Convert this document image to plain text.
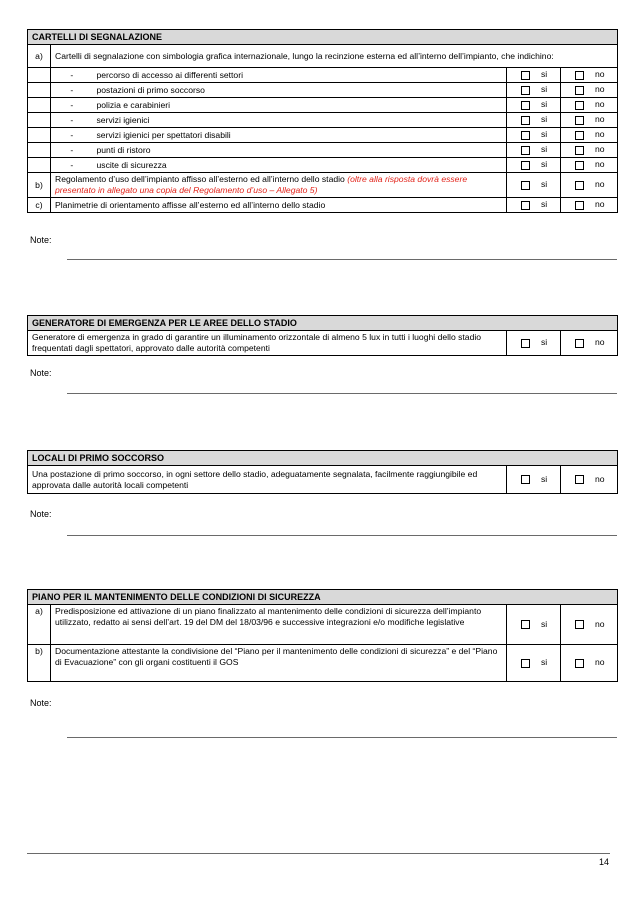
CARTELLI DI SEGNALAZIONE				
a)	Cartelli di segnalazione con simbologia grafica internazionale, lungo la recinzione esterna ed all’interno dell’impianto, che indichino:			
	-	percorso di accesso ai differenti settori	si	no
	-	postazioni di primo soccorso	si	no
	-	polizia e carabinieri	si	no
	-	servizi igienici	si	no
	-	servizi igienici per spettatori disabili	si	no
	-	punti di ristoro	si	no
	-	uscite di sicurezza	si	no
b)	Regolamento d’uso dell’impianto affisso all’esterno ed all’interno dello stadio (oltre alla risposta dovrà essere presentato in allegato una copia del Regolamento d’uso – Allegato 5)		si	no
c)	Planimetrie di orientamento affisse all’esterno ed all’interno dello stadio		si	no
Note:
GENERATORE DI EMERGENZA PER LE AREE DELLO STADIO
Generatore di emergenza in grado di garantire un illuminamento orizzontale di almeno 5 lux in tutti i luoghi dello stadio frequentati dagli spettatori, approvato dalle autorità competenti	si	no
Note:
LOCALI DI PRIMO SOCCORSO
Una postazione di primo soccorso, in ogni settore dello stadio, adeguatamente segnalata, facilmente raggiungibile ed approvata dalle autorità locali competenti	si	no
Note:
PIANO PER IL MANTENIMENTO DELLE CONDIZIONI DI SICUREZZA			
a)	Predisposizione ed attivazione di un piano finalizzato al mantenimento delle condizioni di sicurezza dell’impianto utilizzato, redatto ai sensi dell’art. 19 del DM del 18/03/96 e successive integrazioni e/o modifiche legislative	si	no
b)	Documentazione attestante la condivisione del “Piano per il mantenimento delle condizioni di sicurezza” e del “Piano di Evacuazione” con gli organi costituenti il GOS	si	no
Note:
14
